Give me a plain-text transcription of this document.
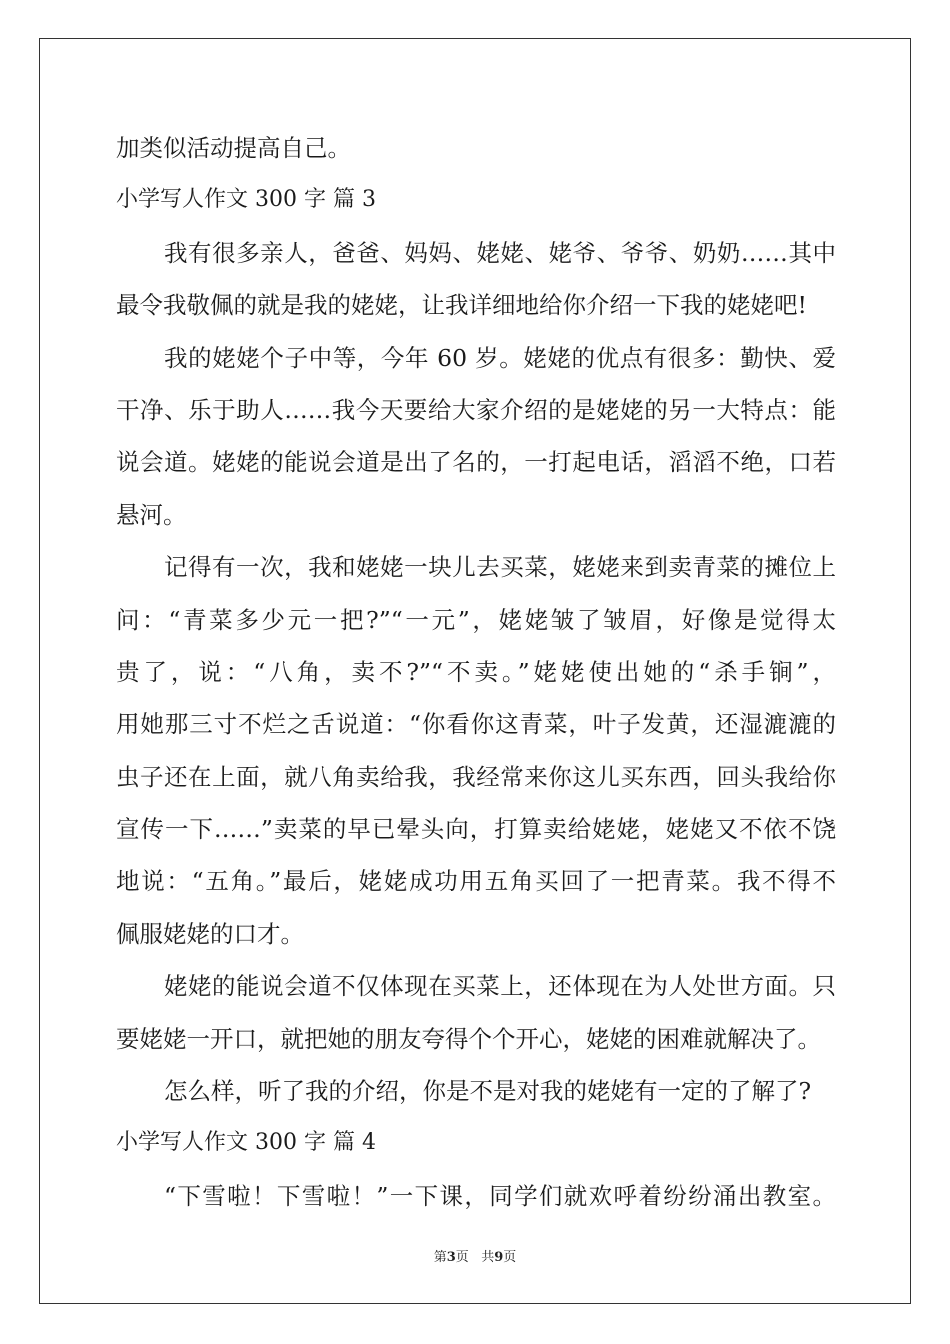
加类似活动提高自己。
小学写人作文 300 字 篇 3
我有很多亲人，爸爸、妈妈、姥姥、姥爷、爷爷、奶奶……其中
最令我敬佩的就是我的姥姥，让我详细地给你介绍一下我的姥姥吧!
我的姥姥个子中等，今年 60 岁。姥姥的优点有很多：勤快、爱
干净、乐于助人……我今天要给大家介绍的是姥姥的另一大特点：能
说会道。姥姥的能说会道是出了名的，一打起电话，滔滔不绝，口若
悬河。
记得有一次，我和姥姥一块儿去买菜，姥姥来到卖青菜的摊位上
问：“青菜多少元一把?”“一元”，姥姥皱了皱眉，好像是觉得太
贵了，说：“八角，卖不?”“不卖。”姥姥使出她的“杀手锏”，
用她那三寸不烂之舌说道：“你看你这青菜，叶子发黄，还湿漉漉的
虫子还在上面，就八角卖给我，我经常来你这儿买东西，回头我给你
宣传一下……”卖菜的早已晕头向，打算卖给姥姥，姥姥又不依不饶
地说：“五角。”最后，姥姥成功用五角买回了一把青菜。我不得不
佩服姥姥的口才。
姥姥的能说会道不仅体现在买菜上，还体现在为人处世方面。只
要姥姥一开口，就把她的朋友夸得个个开心，姥姥的困难就解决了。
怎么样，听了我的介绍，你是不是对我的姥姥有一定的了解了?
小学写人作文 300 字 篇 4
“下雪啦！下雪啦！”一下课，同学们就欢呼着纷纷涌出教室。
第3页 共9页
